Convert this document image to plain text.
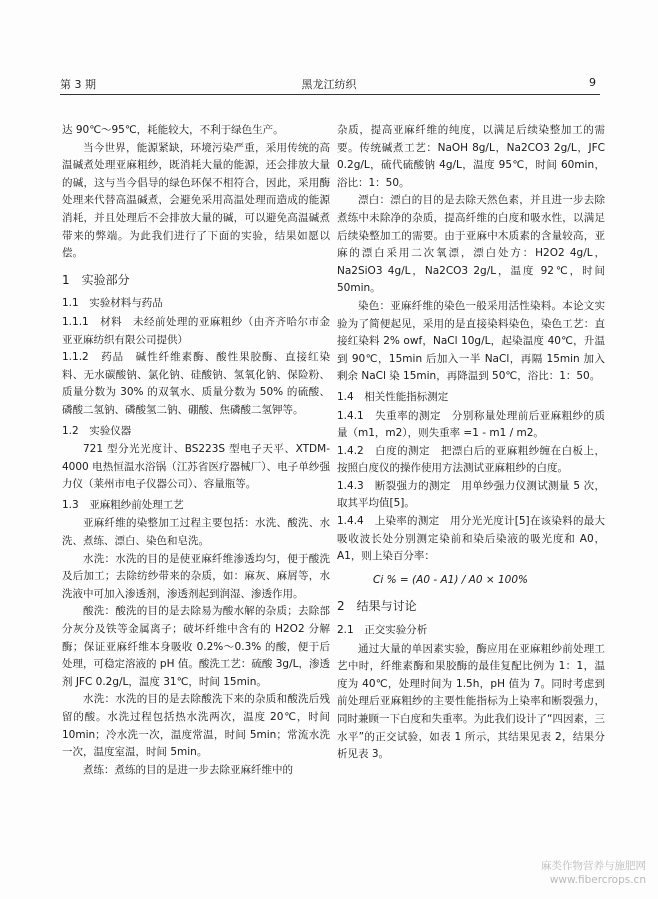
第 3 期	黑龙江纺织	9

达 90℃～95℃，耗能较大，不利于绿色生产。

当今世界，能源紧缺，环境污染严重，采用传统的高温碱煮处理亚麻粗纱，既消耗大量的能源，还会排放大量的碱，这与当今倡导的绿色环保不相符合，因此，采用酶处理来代替高温碱煮，会避免采用高温处理而造成的能源消耗，并且处理后不会排放大量的碱，可以避免高温碱煮带来的弊端。为此我们进行了下面的实验，结果如愿以偿。

1　实验部分

1.1　实验材料与药品

1.1.1　材料　未经前处理的亚麻粗纱（由齐齐哈尔市金亚亚麻纺织有限公司提供）

1.1.2　药品　碱性纤维素酶、酸性果胶酶、直接红染料、无水碳酸钠、氯化钠、硅酸钠、氢氧化钠、保险粉、质量分数为 30% 的双氧水、质量分数为 50% 的硫酸、磷酸二氢钠、磷酸氢二钠、硼酸、焦磷酸二氢钾等。

1.2　实验仪器

721 型分光光度计、BS223S 型电子天平、XTDM-4000 电热恒温水浴锅（江苏省医疗器械厂）、电子单纱强力仪（莱州市电子仪器公司）、容量瓶等。

1.3　亚麻粗纱前处理工艺

亚麻纤维的染整加工过程主要包括：水洗、酸洗、水洗、煮练、漂白、染色和皂洗。

水洗：水洗的目的是使亚麻纤维渗透均匀，便于酸洗及后加工；去除纺纱带来的杂质，如：麻灰、麻屑等，水洗液中可加入渗透剂，渗透剂起到润湿、渗透作用。

酸洗：酸洗的目的是去除易为酸水解的杂质；去除部分灰分及铁等金属离子；破坏纤维中含有的 H2O2 分解酶；保证亚麻纤维本身吸收 0.2%～0.3% 的酸，便于后处理，可稳定溶液的 pH 值。酸洗工艺：硫酸 3g/L，渗透剂 JFC 0.2g/L，温度 31℃，时间 15min。

水洗：水洗的目的是去除酸洗下来的杂质和酸洗后残留的酸。水洗过程包括热水洗两次，温度 20℃，时间 10min；冷水洗一次，温度常温，时间 5min；常流水洗一次，温度室温，时间 5min。

煮练：煮练的目的是进一步去除亚麻纤维中的

杂质，提高亚麻纤维的纯度，以满足后续染整加工的需要。传统碱煮工艺：NaOH 8g/L，Na2CO3 2g/L，JFC 0.2g/L，硫代硫酸钠 4g/L，温度 95℃，时间 60min，浴比：1：50。

漂白：漂白的目的是去除天然色素，并且进一步去除煮练中未除净的杂质，提高纤维的白度和吸水性，以满足后续染整加工的需要。由于亚麻中木质素的含量较高，亚麻的漂白采用二次氧漂，漂白处方：H2O2 4g/L，Na2SiO3 4g/L，Na2CO3 2g/L，温度 92℃，时间 50min。

染色：亚麻纤维的染色一般采用活性染料。本论文实验为了简便起见，采用的是直接染料染色，染色工艺：直接红染料 2% owf，NaCl 10g/L，起染温度 40℃，升温到 90℃，15min 后加入一半 NaCl，再隔 15min 加入剩余 NaCl 染 15min，再降温到 50℃，浴比：1：50。

1.4　相关性能指标测定

1.4.1　失重率的测定　分别称量处理前后亚麻粗纱的质量（m1，m2），则失重率 =1 - m1 / m2。

1.4.2　白度的测定　把漂白后的亚麻粗纱缠在白板上，按照白度仪的操作使用方法测试亚麻粗纱的白度。

1.4.3　断裂强力的测定　用单纱强力仪测试测量 5 次，取其平均值[5]。

1.4.4　上染率的测定　用分光光度计[5]在该染料的最大吸收波长处分别测定染前和染后染液的吸光度和 A0，A1，则上染百分率：

Ci % = (A0 - A1) / A0 × 100%

2　结果与讨论

2.1　正交实验分析

通过大量的单因素实验，酶应用在亚麻粗纱前处理工艺中时，纤维素酶和果胶酶的最佳复配比例为 1：1，温度为 40℃，处理时间为 1.5h，pH 值为 7。同时考虑到前处理后亚麻粗纱的主要性能指标为上染率和断裂强力，同时兼顾一下白度和失重率。为此我们设计了“四因素，三水平”的正交试验，如表 1 所示，其结果见表 2，结果分析见表 3。

麻类作物营养与施肥网
www.fibercrops.cn
